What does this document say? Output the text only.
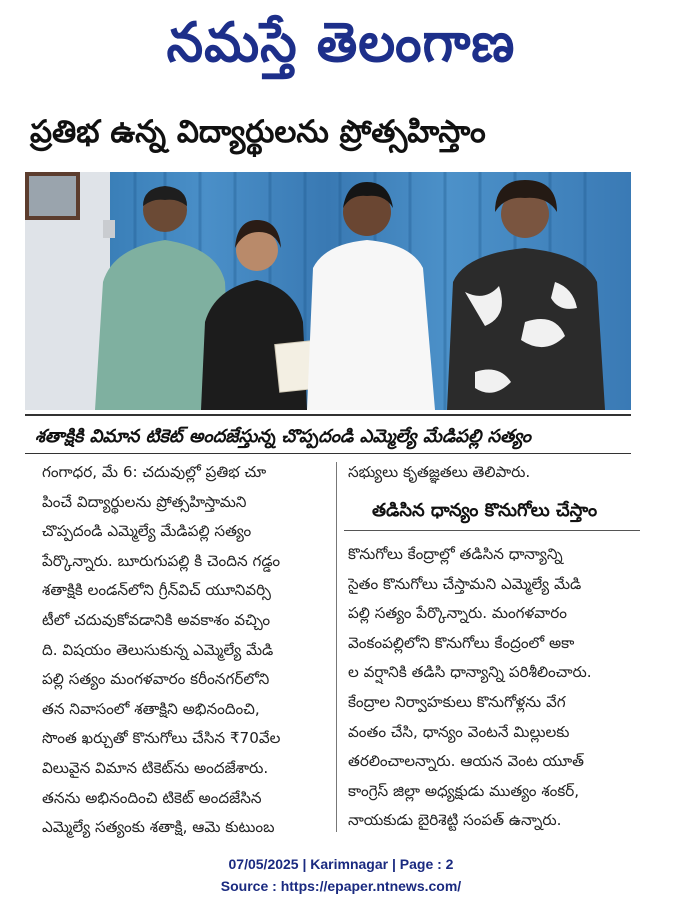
నమస్తే తెలంగాణ
ప్రతిభ ఉన్న విద్యార్థులను ప్రోత్సహిస్తాం
శతాక్షికి విమాన టికెట్ అందజేస్తున్న చొప్పదండి ఎమ్మెల్యే మేడిపల్లి సత్యం

గంగాధర, మే 6: చదువుల్లో ప్రతిభ చూ

పించే విద్యార్థులను ప్రోత్సహిస్తామని

చొప్పదండి ఎమ్మెల్యే మేడిపల్లి సత్యం

పేర్కొన్నారు. బూరుగుపల్లి కి చెందిన గడ్డం

శతాక్షికి లండన్‌లోని గ్రీన్‌విచ్ యూనివర్సి

టీలో చదువుకోవడానికి అవకాశం వచ్చిం

ది. విషయం తెలుసుకున్న ఎమ్మెల్యే మేడి

పల్లి సత్యం మంగళవారం కరీంనగర్‌లోని

తన నివాసంలో శతాక్షిని అభినందించి,

సొంత ఖర్చుతో కొనుగోలు చేసిన ₹70వేల

విలువైన విమాన టికెట్‌ను అందజేశారు.

తనను అభినందించి టికెట్ అందజేసిన

ఎమ్మెల్యే సత్యంకు శతాక్షి, ఆమె కుటుంబ

సభ్యులు కృతజ్ఞతలు తెలిపారు.

తడిసిన ధాన్యం కొనుగోలు చేస్తాం

కొనుగోలు కేంద్రాల్లో తడిసిన ధాన్యాన్ని

సైతం కొనుగోలు చేస్తామని ఎమ్మెల్యే మేడి

పల్లి సత్యం పేర్కొన్నారు. మంగళవారం

వెంకంపల్లిలోని కొనుగోలు కేంద్రంలో అకా

ల వర్షానికి తడిసి ధాన్యాన్ని పరిశీలించారు.

కేంద్రాల నిర్వాహకులు కొనుగోళ్లను వేగ

వంతం చేసి, ధాన్యం వెంటనే మిల్లులకు

తరలించాలన్నారు. ఆయన వెంట యూత్

కాంగ్రెస్ జిల్లా అధ్యక్షుడు ముత్యం శంకర్,

నాయకుడు బైరిశెట్టి సంపత్ ఉన్నారు.

07/05/2025 | Karimnagar | Page : 2
Source : https://epaper.ntnews.com/
